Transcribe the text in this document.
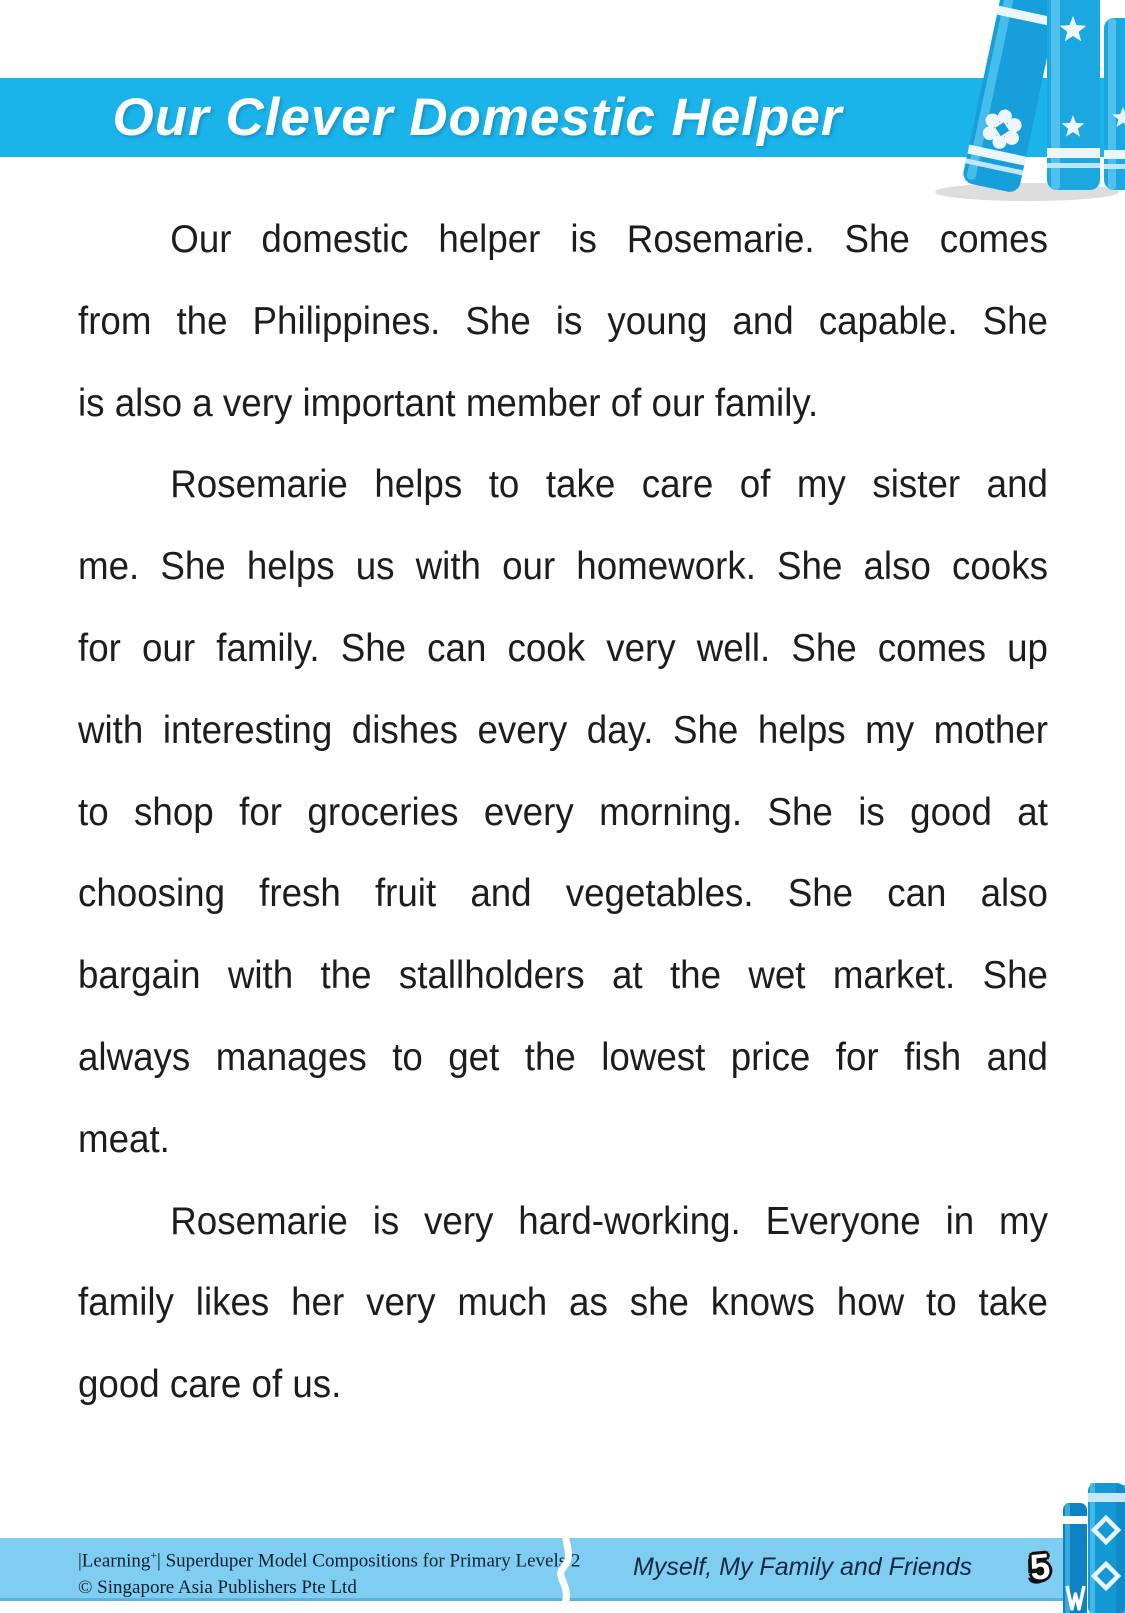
Our Clever Domestic Helper
Our domestic helper is Rosemarie. She comes
from the Philippines. She is young and capable. She
is also a very important member of our family.
Rosemarie helps to take care of my sister and
me. She helps us with our homework. She also cooks
for our family. She can cook very well. She comes up
with interesting dishes every day. She helps my mother
to shop for groceries every morning. She is good at
choosing fresh fruit and vegetables. She can also
bargain with the stallholders at the wet market. She
always manages to get the lowest price for fish and
meat.
Rosemarie is very hard-working. Everyone in my
family likes her very much as she knows how to take
good care of us.
|Learning+| Superduper Model Compositions for Primary Levels 2
© Singapore Asia Publishers Pte Ltd
Myself, My Family and Friends 5
